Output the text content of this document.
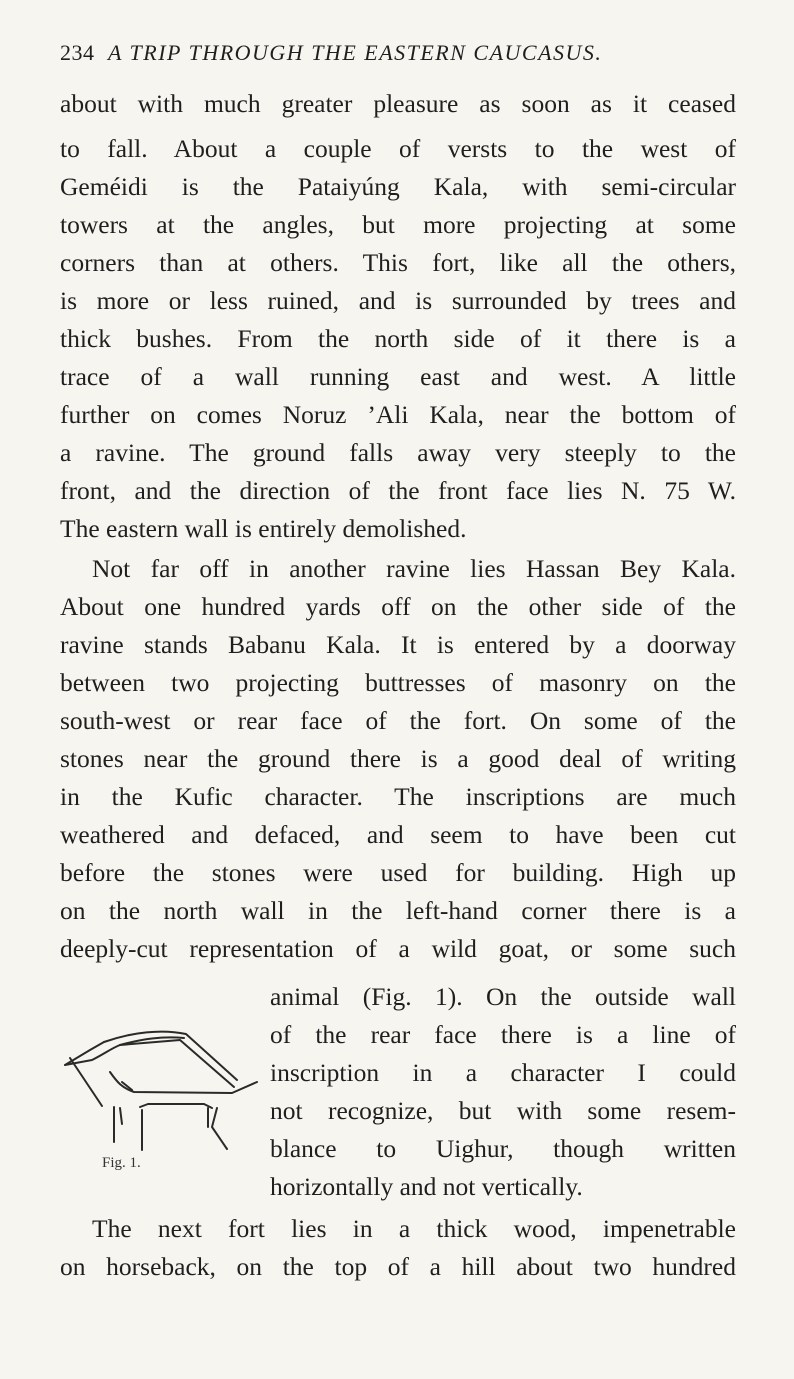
234 A TRIP THROUGH THE EASTERN CAUCASUS.
about with much greater pleasure as soon as it ceased
to fall. About a couple of versts to the west of
Geméidi is the Pataiyúng Kala, with semi-circular
towers at the angles, but more projecting at some
corners than at others. This fort, like all the others,
is more or less ruined, and is surrounded by trees and
thick bushes. From the north side of it there is a
trace of a wall running east and west. A little
further on comes Noruz ’Ali Kala, near the bottom of
a ravine. The ground falls away very steeply to the
front, and the direction of the front face lies N. 75 W.
The eastern wall is entirely demolished.
Not far off in another ravine lies Hassan Bey Kala.
About one hundred yards off on the other side of the
ravine stands Babanu Kala. It is entered by a doorway
between two projecting buttresses of masonry on the
south-west or rear face of the fort. On some of the
stones near the ground there is a good deal of writing
in the Kufic character. The inscriptions are much
weathered and defaced, and seem to have been cut
before the stones were used for building. High up
on the north wall in the left-hand corner there is a
deeply-cut representation of a wild goat, or some such
animal (Fig. 1). On the outside wall
of the rear face there is a line of
inscription in a character I could
not recognize, but with some resem-
blance to Uighur, though written
horizontally and not vertically.
The next fort lies in a thick wood, impenetrable
on horseback, on the top of a hill about two hundred
Fig. 1.
